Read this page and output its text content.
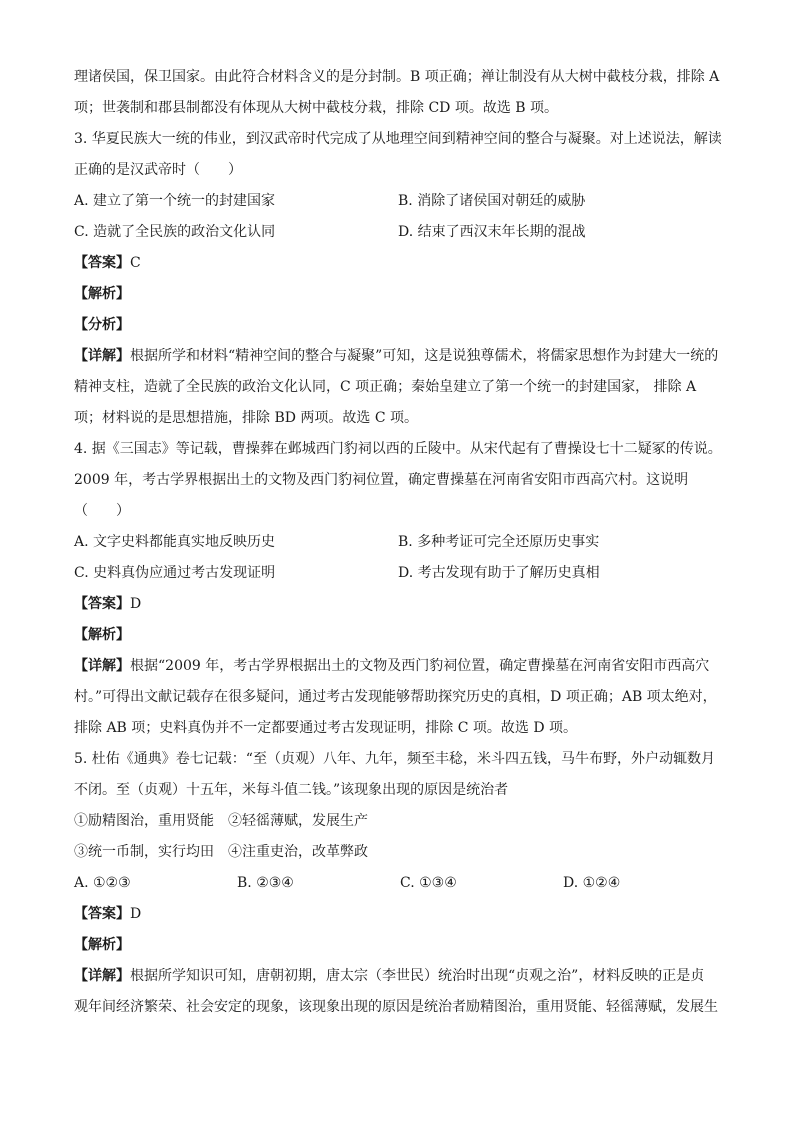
理诸侯国，保卫国家。由此符合材料含义的是分封制。B 项正确；禅让制没有从大树中截枝分栽，排除 A
项；世袭制和郡县制都没有体现从大树中截枝分栽，排除 CD 项。故选 B 项。
3. 华夏民族大一统的伟业，到汉武帝时代完成了从地理空间到精神空间的整合与凝聚。对上述说法，解读
正确的是汉武帝时（　　）
A. 建立了第一个统一的封建国家	B. 消除了诸侯国对朝廷的威胁
C. 造就了全民族的政治文化认同	D. 结束了西汉末年长期的混战
【答案】C
【解析】
【分析】
【详解】根据所学和材料“精神空间的整合与凝聚”可知，这是说独尊儒术，将儒家思想作为封建大一统的
精神支柱，造就了全民族的政治文化认同，C 项正确；秦始皇建立了第一个统一的封建国家， 排除 A
项；材料说的是思想措施，排除 BD 两项。故选 C 项。
4. 据《三国志》等记载，曹操葬在邺城西门豹祠以西的丘陵中。从宋代起有了曹操设七十二疑冢的传说。
2009 年，考古学界根据出土的文物及西门豹祠位置，确定曹操墓在河南省安阳市西高穴村。这说明
（　　）
A. 文字史料都能真实地反映历史	B. 多种考证可完全还原历史事实
C. 史料真伪应通过考古发现证明	D. 考古发现有助于了解历史真相
【答案】D
【解析】
【详解】根据“2009 年，考古学界根据出土的文物及西门豹祠位置，确定曹操墓在河南省安阳市西高穴
村。”可得出文献记载存在很多疑问，通过考古发现能够帮助探究历史的真相，D 项正确；AB 项太绝对，
排除 AB 项；史料真伪并不一定都要通过考古发现证明，排除 C 项。故选 D 项。
5. 杜佑《通典》卷七记载：“至（贞观）八年、九年，频至丰稔，米斗四五钱，马牛布野，外户动辄数月
不闭。至（贞观）十五年，米每斗值二钱。”该现象出现的原因是统治者
①励精图治，重用贤能　②轻徭薄赋，发展生产
③统一币制，实行均田　④注重吏治，改革弊政
A. ①②③	B. ②③④	C. ①③④	D. ①②④
【答案】D
【解析】
【详解】根据所学知识可知，唐朝初期，唐太宗（李世民）统治时出现“贞观之治”，材料反映的正是贞
观年间经济繁荣、社会安定的现象，该现象出现的原因是统治者励精图治，重用贤能、轻徭薄赋，发展生
